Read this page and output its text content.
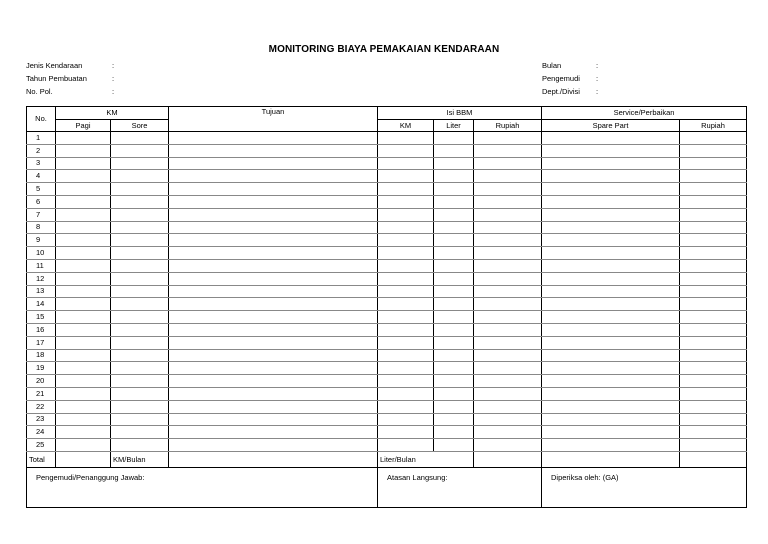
MONITORING BIAYA PEMAKAIAN KENDARAAN
Jenis Kendaraan	:
Tahun Pembuatan	:
No. Pol.	:
Bulan	:
Pengemudi	:
Dept./Divisi	:
No.	KM		Tujuan	Isi BBM			Service/Perbaikan	
	Pagi	Sore		KM	Liter	Rupiah	Spare Part	Rupiah
1								
2								
3								
4								
5								
6								
7								
8								
9								
10								
11								
12								
13								
14								
15								
16								
17								
18								
19								
20								
21								
22								
23								
24								
25								
Total		KM/Bulan		Liter/Bulan				
Pengemudi/Penanggung Jawab:				Atasan Langsung:			Diperiksa oleh: (GA)	
